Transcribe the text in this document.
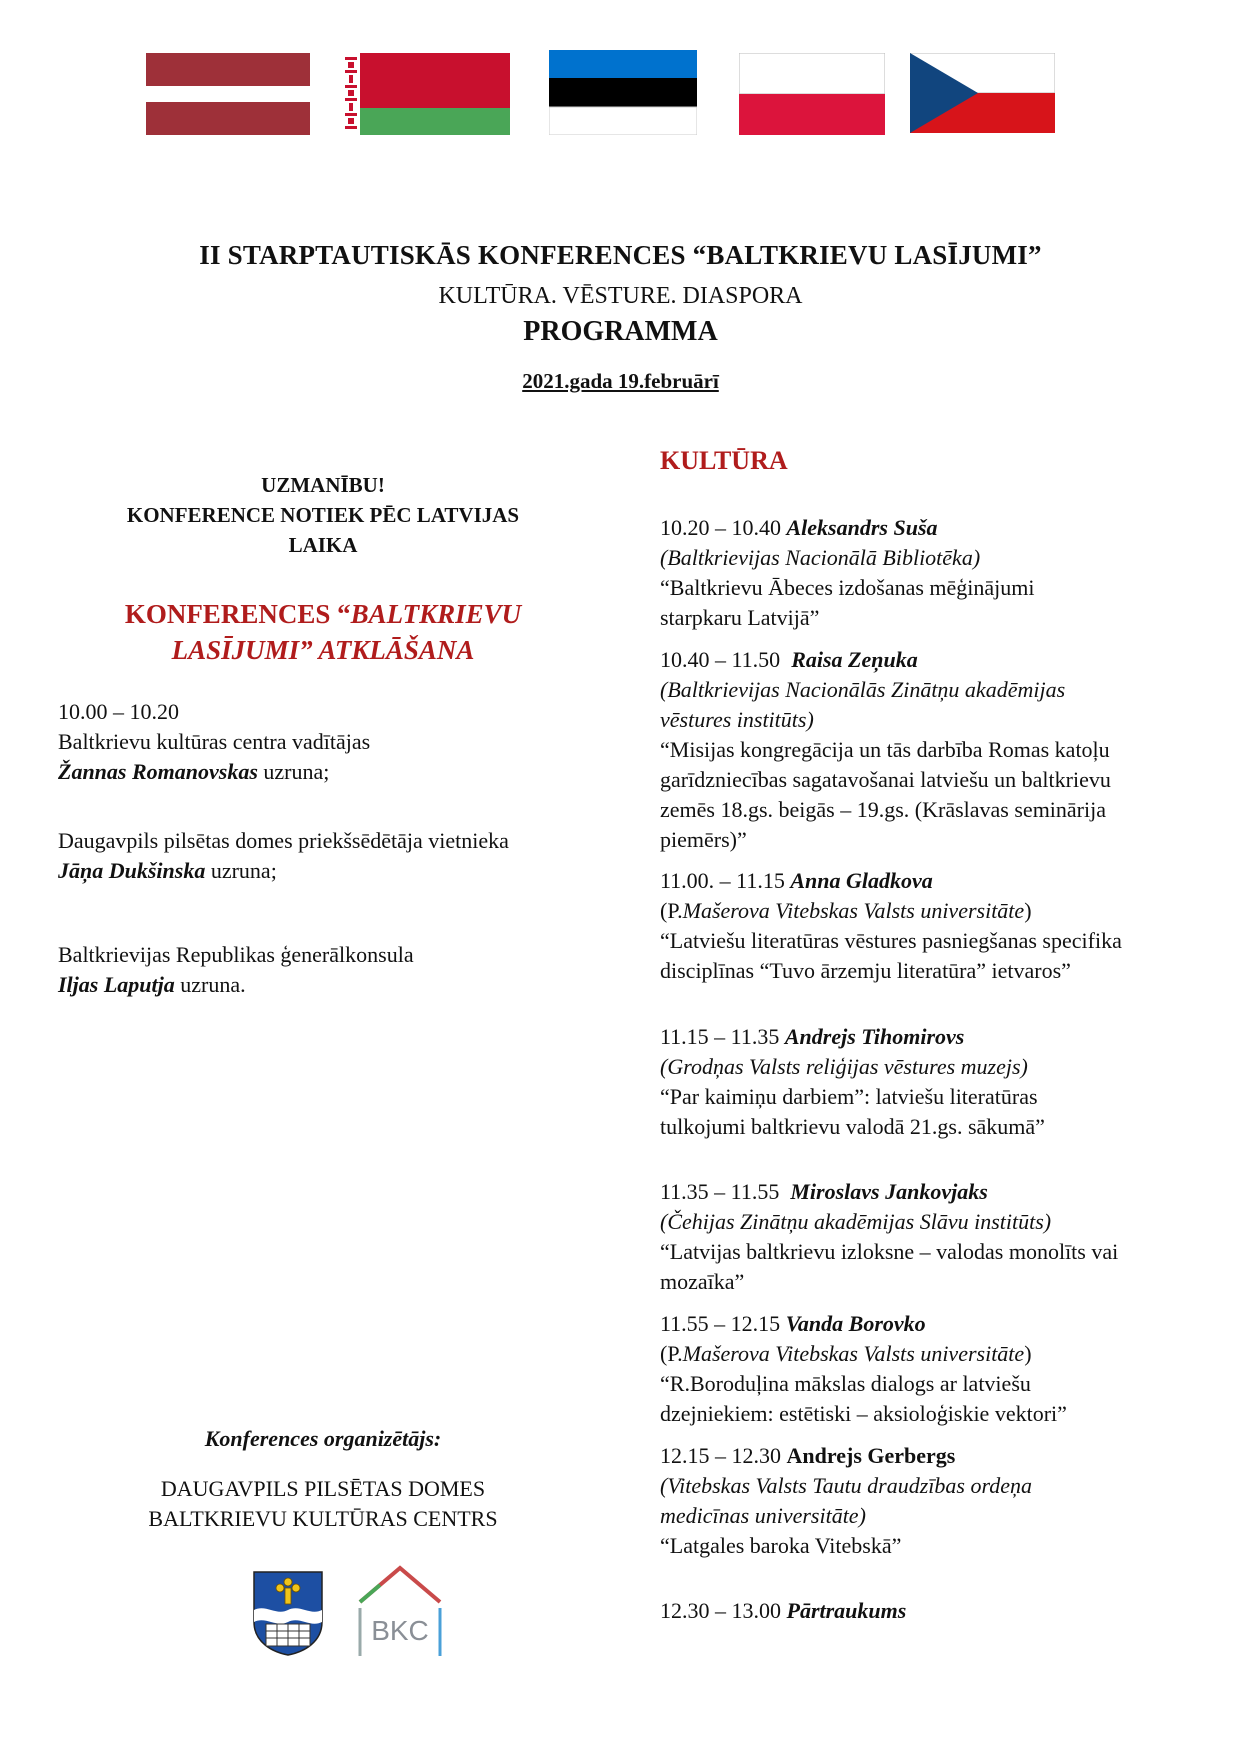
II STARPTAUTISKĀS KONFERENCES “BALTKRIEVU LASĪJUMI”
KULTŪRA. VĒSTURE. DIASPORA
PROGRAMMA
2021.gada 19.februārī
UZMANĪBU!
KONFERENCE NOTIEK PĒC LATVIJAS
LAIKA
KONFERENCES “BALTKRIEVU
LASĪJUMI” ATKLĀŠANA
10.00 – 10.20
Baltkrievu kultūras centra vadītājas
Žannas Romanovskas uzruna;
Daugavpils pilsētas domes priekšsēdētāja vietnieka
Jāņa Dukšinska uzruna;
Baltkrievijas Republikas ģenerālkonsula
Iljas Laputja uzruna.
Konferences organizētājs:
DAUGAVPILS PILSĒTAS DOMES
BALTKRIEVU KULTŪRAS CENTRS
BKC
KULTŪRA
10.20 – 10.40 Aleksandrs Suša
(Baltkrievijas Nacionālā Bibliotēka)
“Baltkrievu Ābeces izdošanas mēģinājumi
starpkaru Latvijā”
10.40 – 11.50 Raisa Zeņuka
(Baltkrievijas Nacionālās Zinātņu akadēmijas
vēstures institūts)
“Misijas kongregācija un tās darbība Romas katoļu
garīdzniecības sagatavošanai latviešu un baltkrievu
zemēs 18.gs. beigās – 19.gs. (Krāslavas seminārija
piemērs)”
11.00. – 11.15 Anna Gladkova
(P.Mašerova Vitebskas Valsts universitāte)
“Latviešu literatūras vēstures pasniegšanas specifika
disciplīnas “Tuvo ārzemju literatūra” ietvaros”
11.15 – 11.35 Andrejs Tihomirovs
(Grodņas Valsts reliģijas vēstures muzejs)
“Par kaimiņu darbiem”: latviešu literatūras
tulkojumi baltkrievu valodā 21.gs. sākumā”
11.35 – 11.55 Miroslavs Jankovjaks
(Čehijas Zinātņu akadēmijas Slāvu institūts)
“Latvijas baltkrievu izloksne – valodas monolīts vai
mozaīka”
11.55 – 12.15 Vanda Borovko
(P.Mašerova Vitebskas Valsts universitāte)
“R.Boroduļina mākslas dialogs ar latviešu
dzejniekiem: estētiski – aksioloģiskie vektori”
12.15 – 12.30 Andrejs Gerbergs
(Vitebskas Valsts Tautu draudzības ordeņa
medicīnas universitāte)
“Latgales baroka Vitebskā”
12.30 – 13.00 Pārtraukums
